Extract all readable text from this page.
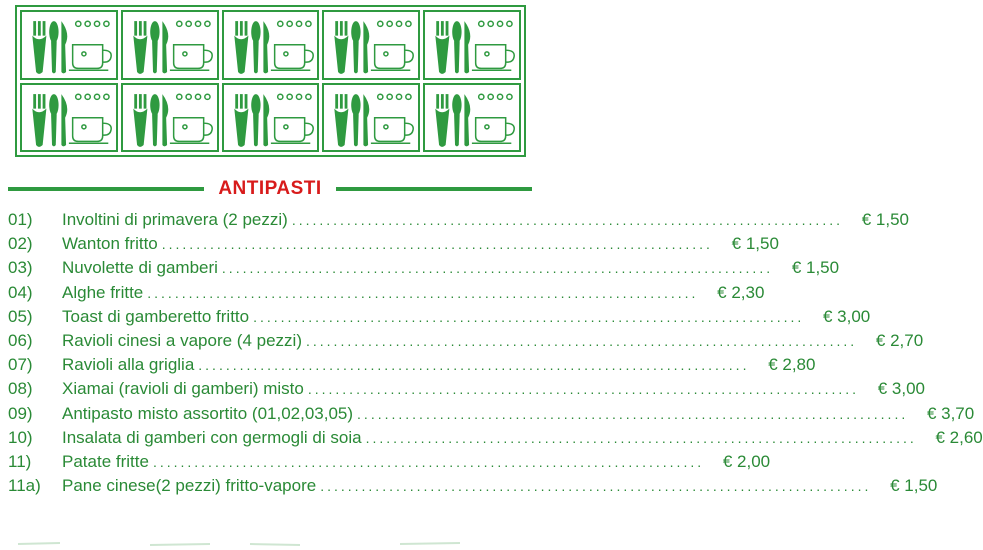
ANTIPASTI
01)	Involtini di primavera (2 pezzi) ................................................................................	€ 1,50
02)	Wanton fritto ................................................................................	€ 1,50
03)	Nuvolette di gamberi ................................................................................	€ 1,50
04)	Alghe fritte ................................................................................	€ 2,30
05)	Toast di gamberetto fritto ................................................................................	€ 3,00
06)	Ravioli cinesi a vapore (4 pezzi) ................................................................................	€ 2,70
07)	Ravioli alla griglia ................................................................................	€ 2,80
08)	Xiamai (ravioli di gamberi) misto ................................................................................	€ 3,00
09)	Antipasto misto assortito (01,02,03,05) ................................................................................	€ 3,70
10)	Insalata di gamberi con germogli di soia ................................................................................	€ 2,60
11)	Patate fritte ................................................................................	€ 2,00
11a)	Pane cinese(2 pezzi) fritto-vapore ................................................................................	€ 1,50
